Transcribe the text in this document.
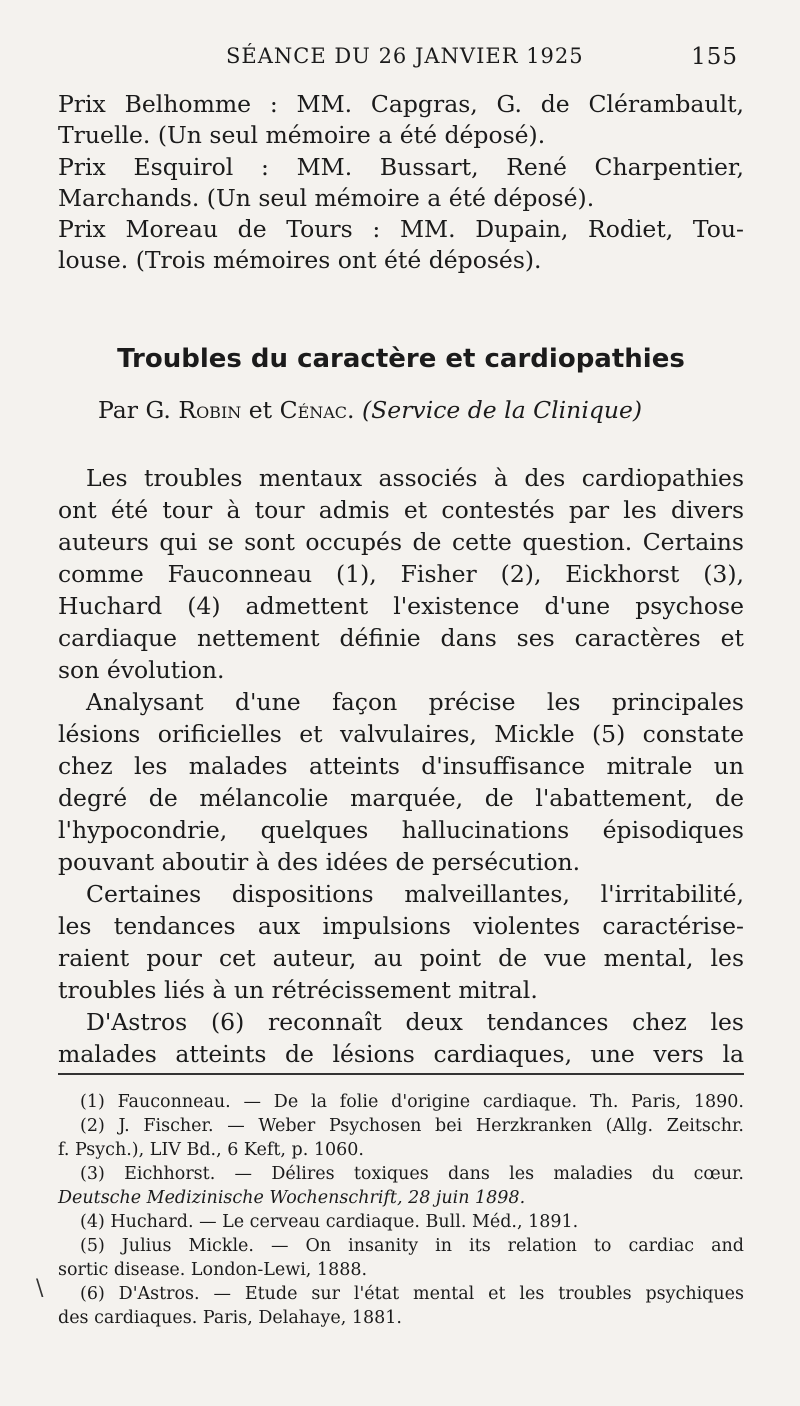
SÉANCE DU 26 JANVIER 1925	155
Prix Belhomme : MM. Capgras, G. de Clérambault,
Truelle. (Un seul mémoire a été déposé).
Prix Esquirol : MM. Bussart, René Charpentier,
Marchands. (Un seul mémoire a été déposé).
Prix Moreau de Tours : MM. Dupain, Rodiet, Tou-
louse. (Trois mémoires ont été déposés).
Troubles du caractère et cardiopathies
Par G. Robin et Cénac. (Service de la Clinique)
Les troubles mentaux associés à des cardiopathies
ont été tour à tour admis et contestés par les divers
auteurs qui se sont occupés de cette question. Certains
comme Fauconneau (1), Fisher (2), Eickhorst (3),
Huchard (4) admettent l'existence d'une psychose
cardiaque nettement définie dans ses caractères et
son évolution.
Analysant d'une façon précise les principales
lésions orificielles et valvulaires, Mickle (5) constate
chez les malades atteints d'insuffisance mitrale un
degré de mélancolie marquée, de l'abattement, de
l'hypocondrie, quelques hallucinations épisodiques
pouvant aboutir à des idées de persécution.
Certaines dispositions malveillantes, l'irritabilité,
les tendances aux impulsions violentes caractérise-
raient pour cet auteur, au point de vue mental, les
troubles liés à un rétrécissement mitral.
D'Astros (6) reconnaît deux tendances chez les
malades atteints de lésions cardiaques, une vers la
(1) Fauconneau. — De la folie d'origine cardiaque. Th. Paris, 1890.
(2) J. Fischer. — Weber Psychosen bei Herzkranken (Allg. Zeitschr.
f. Psych.), LIV Bd., 6 Keft, p. 1060.
(3) Eichhorst. — Délires toxiques dans les maladies du cœur.
Deutsche Medizinische Wochenschrift, 28 juin 1898.
(4) Huchard. — Le cerveau cardiaque. Bull. Méd., 1891.
(5) Julius Mickle. — On insanity in its relation to cardiac and
sortic disease. London-Lewi, 1888.
(6) D'Astros. — Etude sur l'état mental et les troubles psychiques
des cardiaques. Paris, Delahaye, 1881.
\
